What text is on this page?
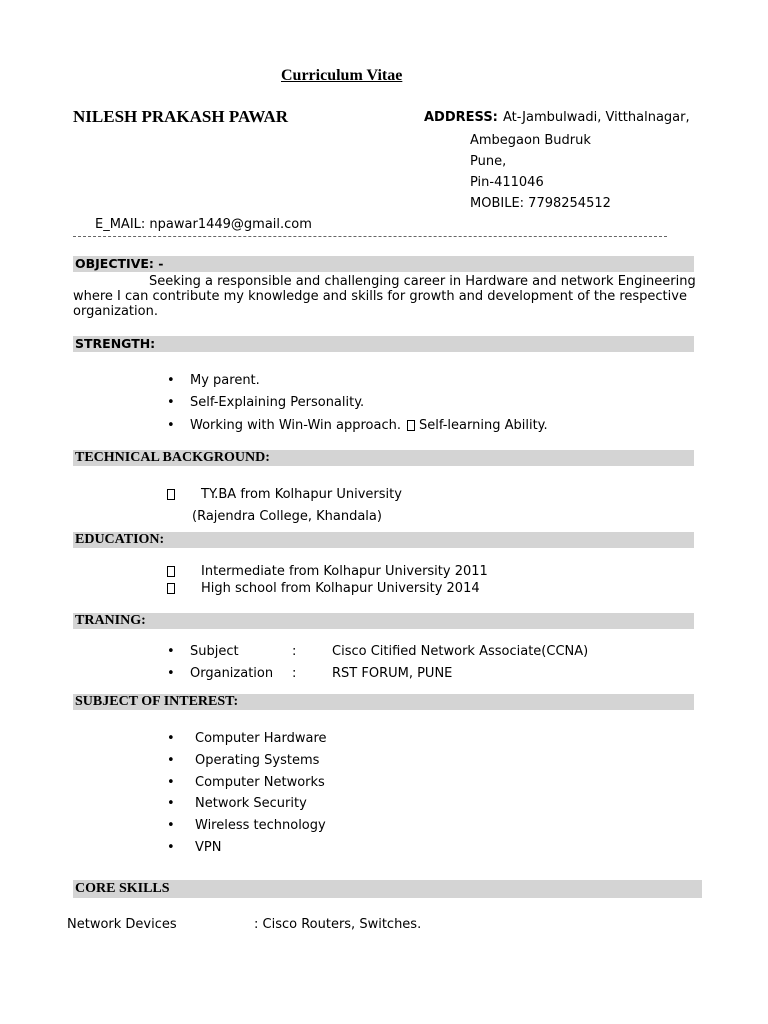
Curriculum Vitae
NILESH PRAKASH PAWAR	ADDRESS: At-Jambulwadi, Vitthalnagar,
Ambegaon Budruk
Pune,
Pin-411046
MOBILE: 7798254512
E_MAIL: npawar1449@gmail.com
OBJECTIVE: -
Seeking a responsible and challenging career in Hardware and network Engineering
where I can contribute my knowledge and skills for growth and development of the respective
organization.
STRENGTH:
• My parent.
• Self-Explaining Personality.
• Working with Win-Win approach. Self-learning Ability.
TECHNICAL BACKGROUND:
TY.BA from Kolhapur University
(Rajendra College, Khandala)
EDUCATION:
Intermediate from Kolhapur University 2011
High school from Kolhapur University 2014
TRANING:
• Subject	:	Cisco Citified Network Associate(CCNA)
• Organization :	RST FORUM, PUNE
SUBJECT OF INTEREST:
• Computer Hardware
• Operating Systems
• Computer Networks
• Network Security
• Wireless technology
• VPN
CORE SKILLS
Network Devices	: Cisco Routers, Switches.
